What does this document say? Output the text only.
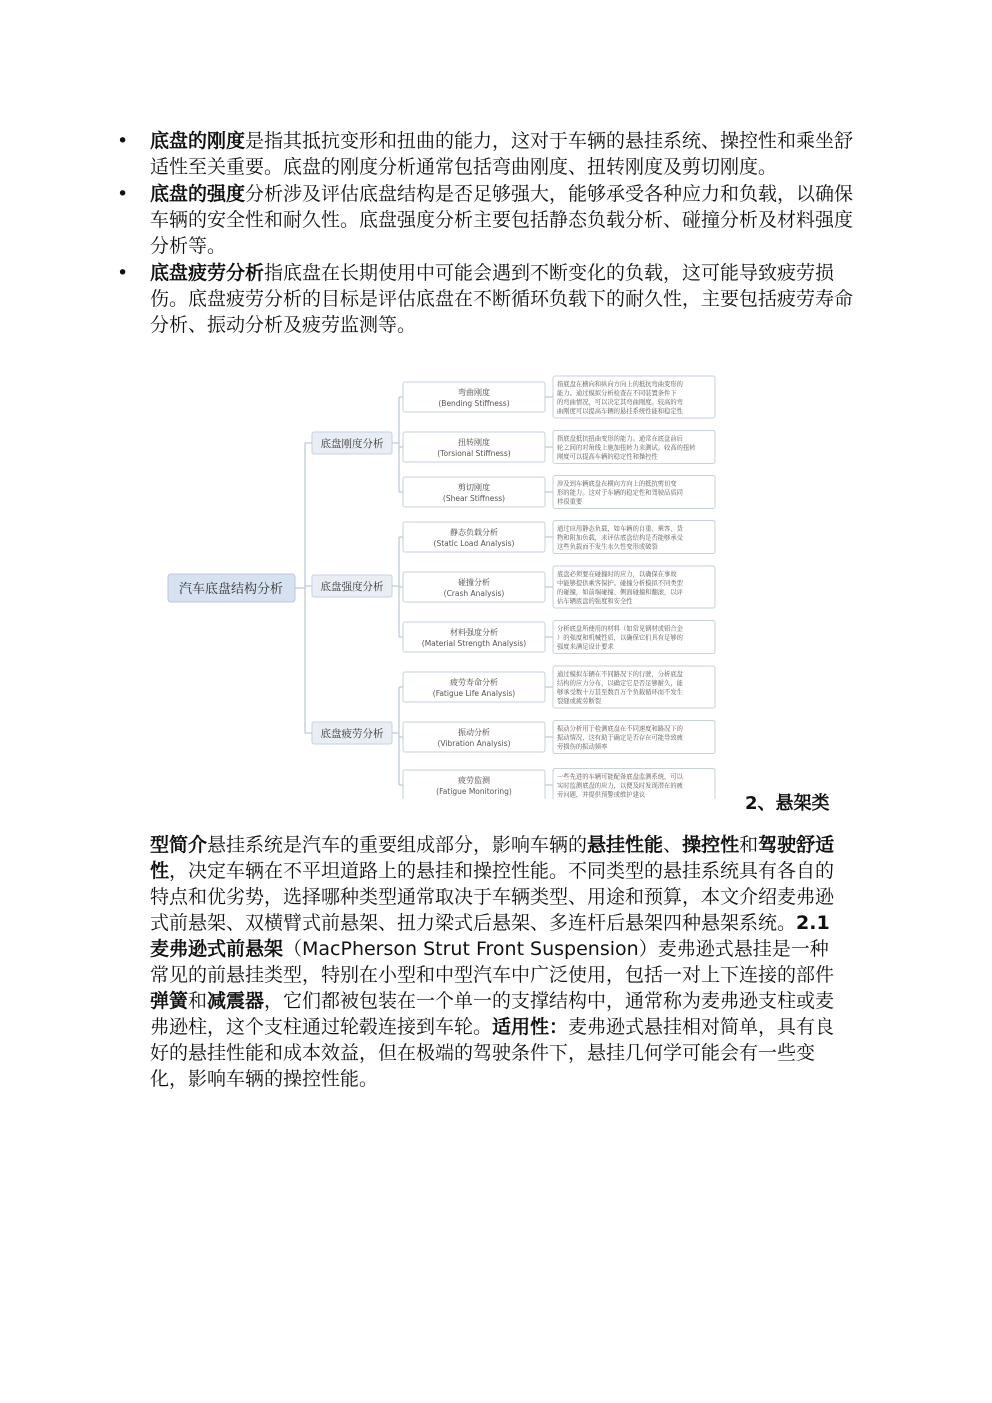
• 底盘的刚度是指其抵抗变形和扭曲的能力，这对于车辆的悬挂系统、操控性和乘坐舒适性至关重要。底盘的刚度分析通常包括弯曲刚度、扭转刚度及剪切刚度。
• 底盘的强度分析涉及评估底盘结构是否足够强大，能够承受各种应力和负载，以确保车辆的安全性和耐久性。底盘强度分析主要包括静态负载分析、碰撞分析及材料强度分析等。
• 底盘疲劳分析指底盘在长期使用中可能会遇到不断变化的负载，这可能导致疲劳损伤。底盘疲劳分析的目标是评估底盘在不断循环负载下的耐久性，主要包括疲劳寿命分析、振动分析及疲劳监测等。
汽车底盘结构分析
底盘刚度分析
弯曲刚度
(Bending Stiffness)
指底盘在横向和纵向方向上的抵抗弯曲变形的
能力。通过模拟分析检查在不同装置条件下
的弯曲情况，可以决定其弯曲刚度。较高的弯
曲刚度可以提高车辆的悬挂系统性能和稳定性
扭转刚度
(Torsional Stiffness)
指底盘抵抗扭曲变形的能力。通常在底盘前后
轮之间的对角线上施加扭转力来测试。较高的扭转
刚度可以提高车辆的稳定性和操控性
剪切刚度
(Shear Stiffness)
涉及到车辆底盘在横向方向上的抵抗剪切变
形的能力。这对于车辆的稳定性和驾驶品质同
样很重要
底盘强度分析
静态负载分析
(Static Load Analysis)
通过应用静态负载，如车辆的自重、乘客、货
物和附加负载，来评估底盘结构是否能够承受
这些负载而不发生永久性变形或破裂
碰撞分析
(Crash Analysis)
底盘必须要在碰撞时的应力，以确保在事故
中能够提供乘客保护。碰撞分析模拟不同类型
的碰撞，如前端碰撞、侧面碰撞和翻滚，以评
估车辆底盘的强度和安全性
材料强度分析
(Material Strength Analysis)
分析底盘所使用的材料（如常见钢材或铝合金
）的强度和机械性质，以确保它们具有足够的
强度来满足设计要求
底盘疲劳分析
疲劳寿命分析
(Fatigue Life Analysis)
通过模拟车辆在不同路况下的行驶，分析底盘
结构的应力分布，以确定它是否足够耐久，能
够承受数十万甚至数百万个负载循环而不发生
裂缝或疲劳断裂
振动分析
(Vibration Analysis)
振动分析用于检测底盘在不同速度和路况下的
振动情况，这有助于确定是否存在可能导致疲
劳损伤的振动频率
疲劳监测
(Fatigue Monitoring)
一些先进的车辆可能配备底盘监测系统，可以
实时监测底盘的应力，以便及时发现潜在的疲
劳问题，并提供预警或维护建议	2、悬架类

型简介悬挂系统是汽车的重要组成部分，影响车辆的悬挂性能、操控性和驾驶舒适性，决定车辆在不平坦道路上的悬挂和操控性能。不同类型的悬挂系统具有各自的特点和优劣势，选择哪种类型通常取决于车辆类型、用途和预算，本文介绍麦弗逊式前悬架、双横臂式前悬架、扭力梁式后悬架、多连杆后悬架四种悬架系统。2.1 麦弗逊式前悬架（MacPherson Strut Front Suspension）麦弗逊式悬挂是一种常见的前悬挂类型，特别在小型和中型汽车中广泛使用，包括一对上下连接的部件弹簧和减震器，它们都被包装在一个单一的支撑结构中，通常称为麦弗逊支柱或麦弗逊柱，这个支柱通过轮毂连接到车轮。适用性：麦弗逊式悬挂相对简单，具有良好的悬挂性能和成本效益，但在极端的驾驶条件下，悬挂几何学可能会有一些变化，影响车辆的操控性能。
